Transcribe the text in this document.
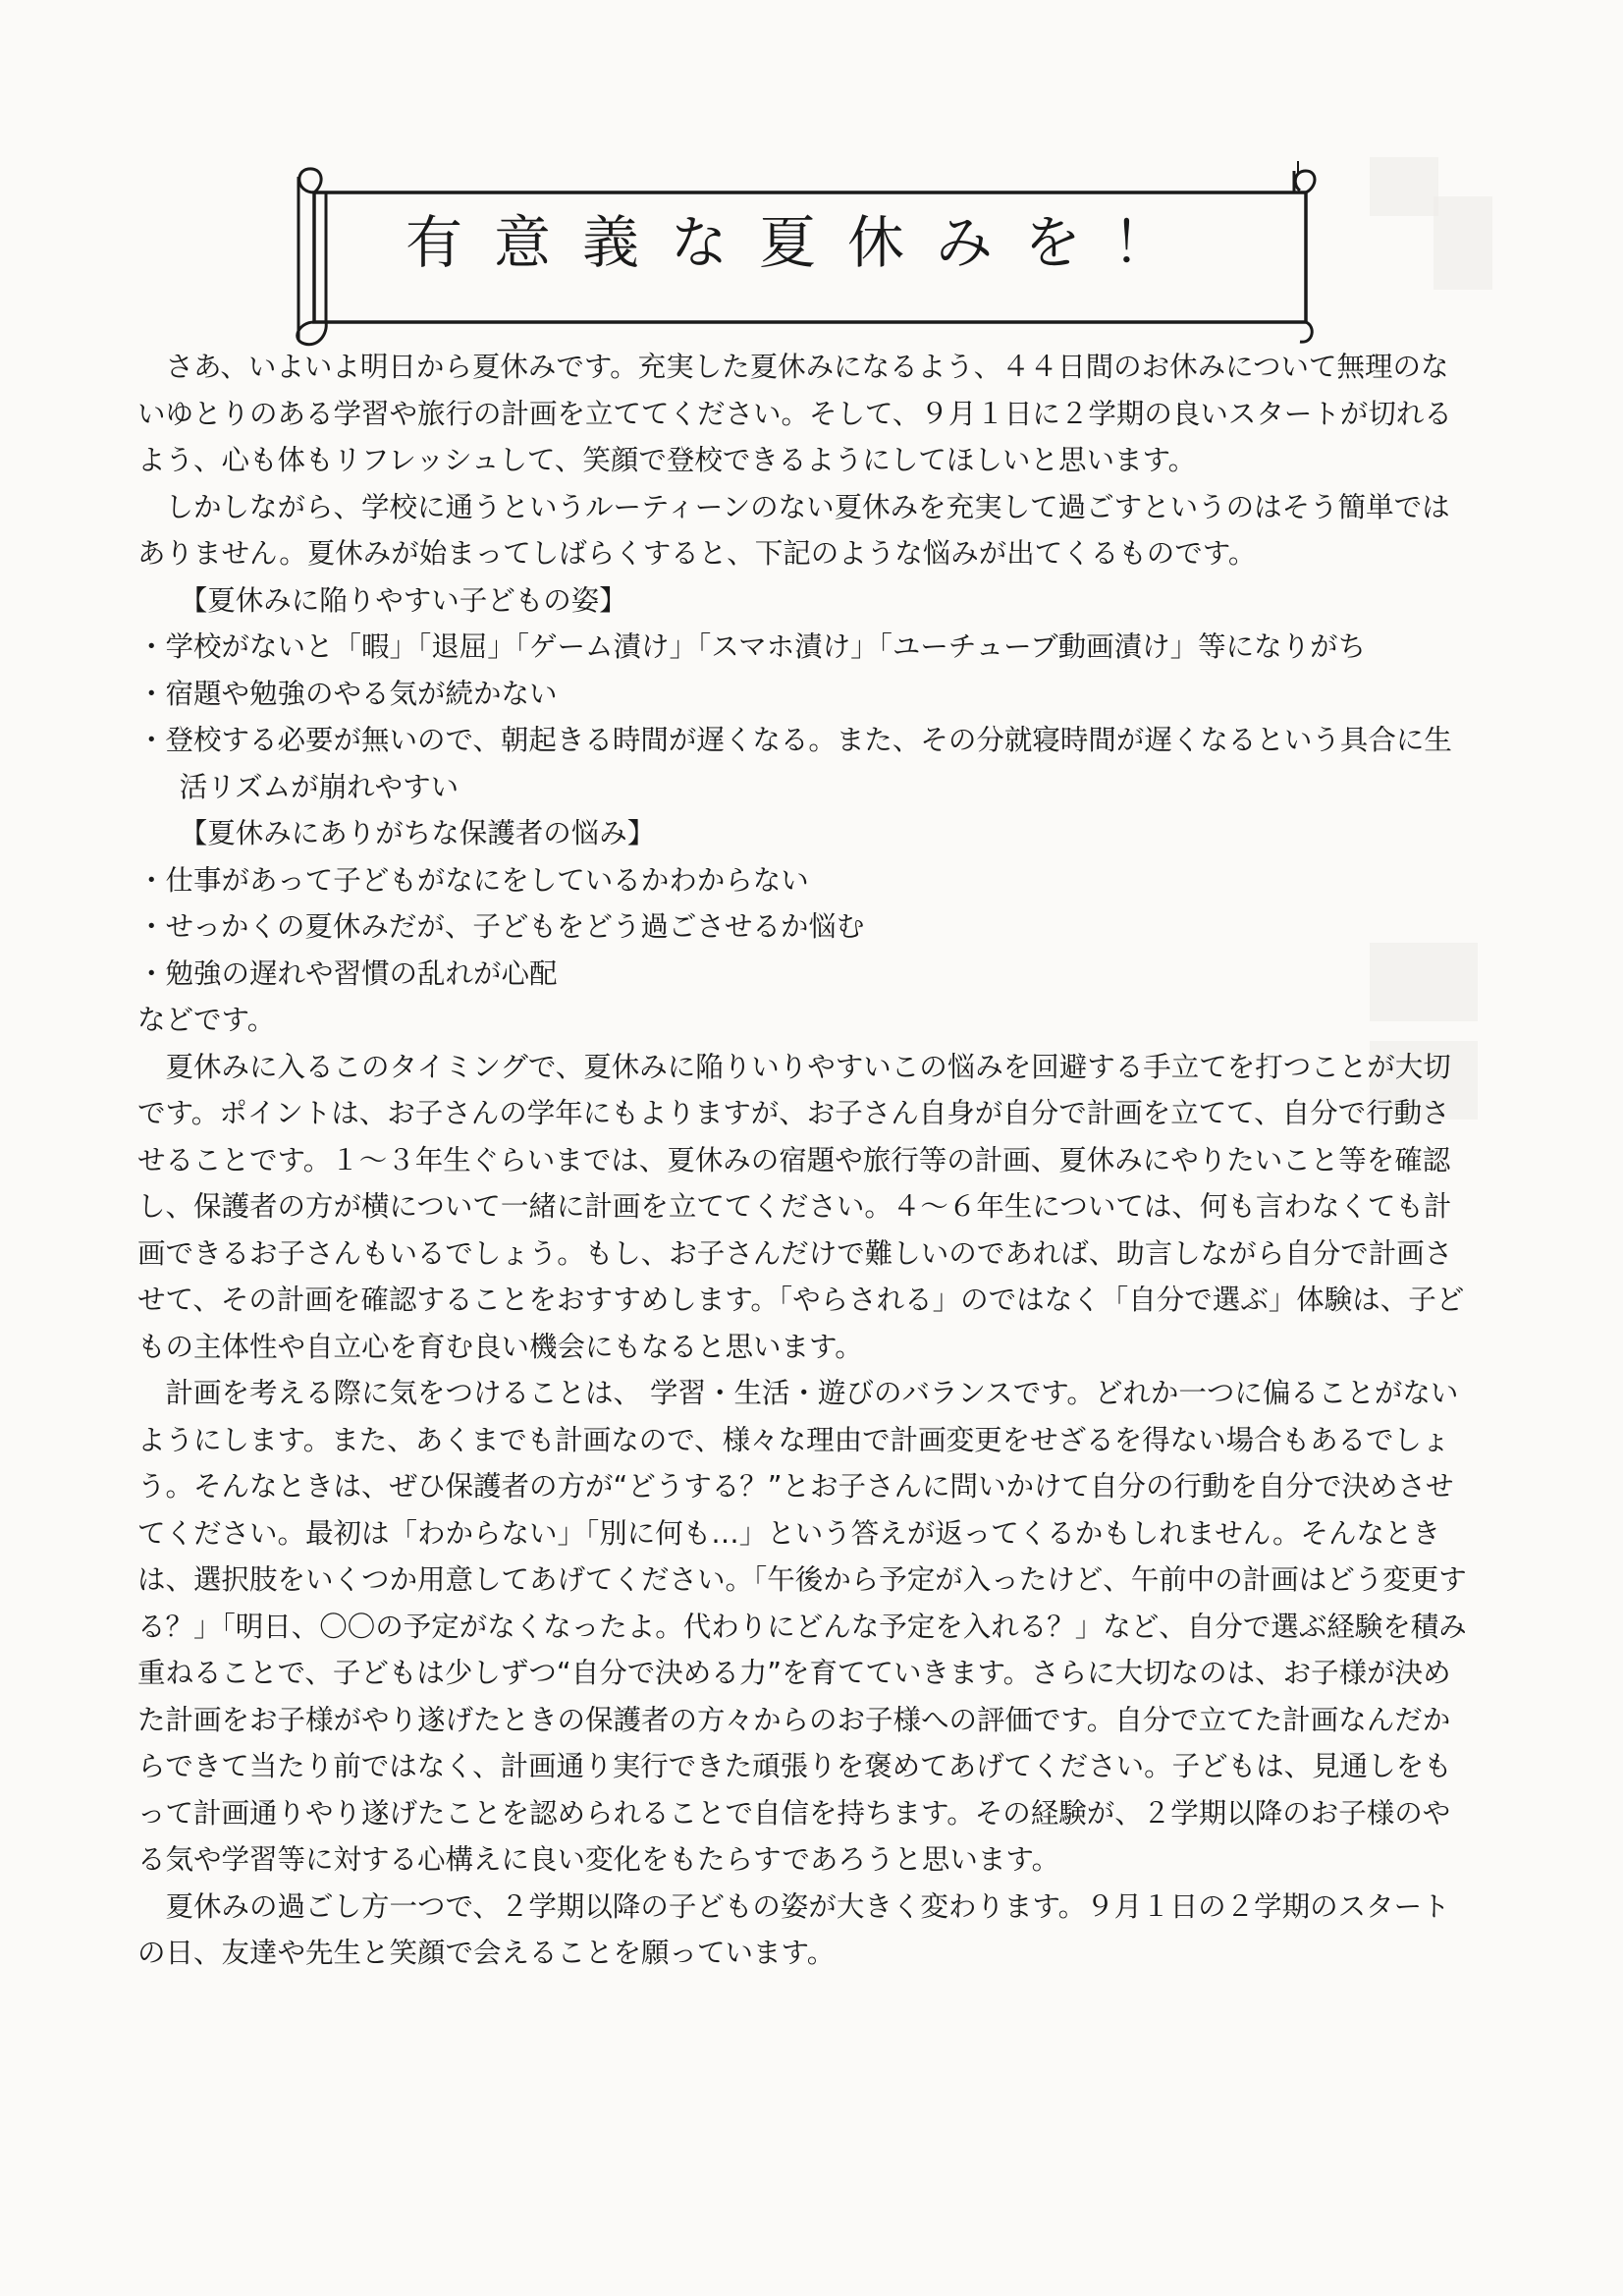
有意義な夏休みを！

さあ、いよいよ明日から夏休みです。充実した夏休みになるよう、４４日間のお休みについて無理のないゆとりのある学習や旅行の計画を立ててください。そして、９月１日に２学期の良いスタートが切れるよう、心も体もリフレッシュして、笑顔で登校できるようにしてほしいと思います。

しかしながら、学校に通うというルーティーンのない夏休みを充実して過ごすというのはそう簡単ではありません。夏休みが始まってしばらくすると、下記のような悩みが出てくるものです。

【夏休みに陥りやすい子どもの姿】

・学校がないと「暇」「退屈」「ゲーム漬け」「スマホ漬け」「ユーチューブ動画漬け」等になりがち

・宿題や勉強のやる気が続かない

・登校する必要が無いので、朝起きる時間が遅くなる。また、その分就寝時間が遅くなるという具合に生活リズムが崩れやすい

【夏休みにありがちな保護者の悩み】

・仕事があって子どもがなにをしているかわからない

・せっかくの夏休みだが、子どもをどう過ごさせるか悩む

・勉強の遅れや習慣の乱れが心配

などです。

夏休みに入るこのタイミングで、夏休みに陥りいりやすいこの悩みを回避する手立てを打つことが大切です。ポイントは、お子さんの学年にもよりますが、お子さん自身が自分で計画を立てて、自分で行動させることです。１～３年生ぐらいまでは、夏休みの宿題や旅行等の計画、夏休みにやりたいこと等を確認し、保護者の方が横について一緒に計画を立ててください。４～６年生については、何も言わなくても計画できるお子さんもいるでしょう。もし、お子さんだけで難しいのであれば、助言しながら自分で計画させて、その計画を確認することをおすすめします。「やらされる」のではなく「自分で選ぶ」体験は、子どもの主体性や自立心を育む良い機会にもなると思います。

計画を考える際に気をつけることは、 学習・生活・遊びのバランスです。どれか一つに偏ることがないようにします。また、あくまでも計画なので、様々な理由で計画変更をせざるを得ない場合もあるでしょう。そんなときは、ぜひ保護者の方が“どうする？”とお子さんに問いかけて自分の行動を自分で決めさせてください。最初は「わからない」「別に何も…」という答えが返ってくるかもしれません。そんなときは、選択肢をいくつか用意してあげてください。「午後から予定が入ったけど、午前中の計画はどう変更する？」「明日、〇〇の予定がなくなったよ。代わりにどんな予定を入れる？」など、自分で選ぶ経験を積み重ねることで、子どもは少しずつ“自分で決める力”を育てていきます。さらに大切なのは、お子様が決めた計画をお子様がやり遂げたときの保護者の方々からのお子様への評価です。自分で立てた計画なんだからできて当たり前ではなく、計画通り実行できた頑張りを褒めてあげてください。子どもは、見通しをもって計画通りやり遂げたことを認められることで自信を持ちます。その経験が、２学期以降のお子様のやる気や学習等に対する心構えに良い変化をもたらすであろうと思います。

夏休みの過ごし方一つで、２学期以降の子どもの姿が大きく変わります。９月１日の２学期のスタートの日、友達や先生と笑顔で会えることを願っています。
